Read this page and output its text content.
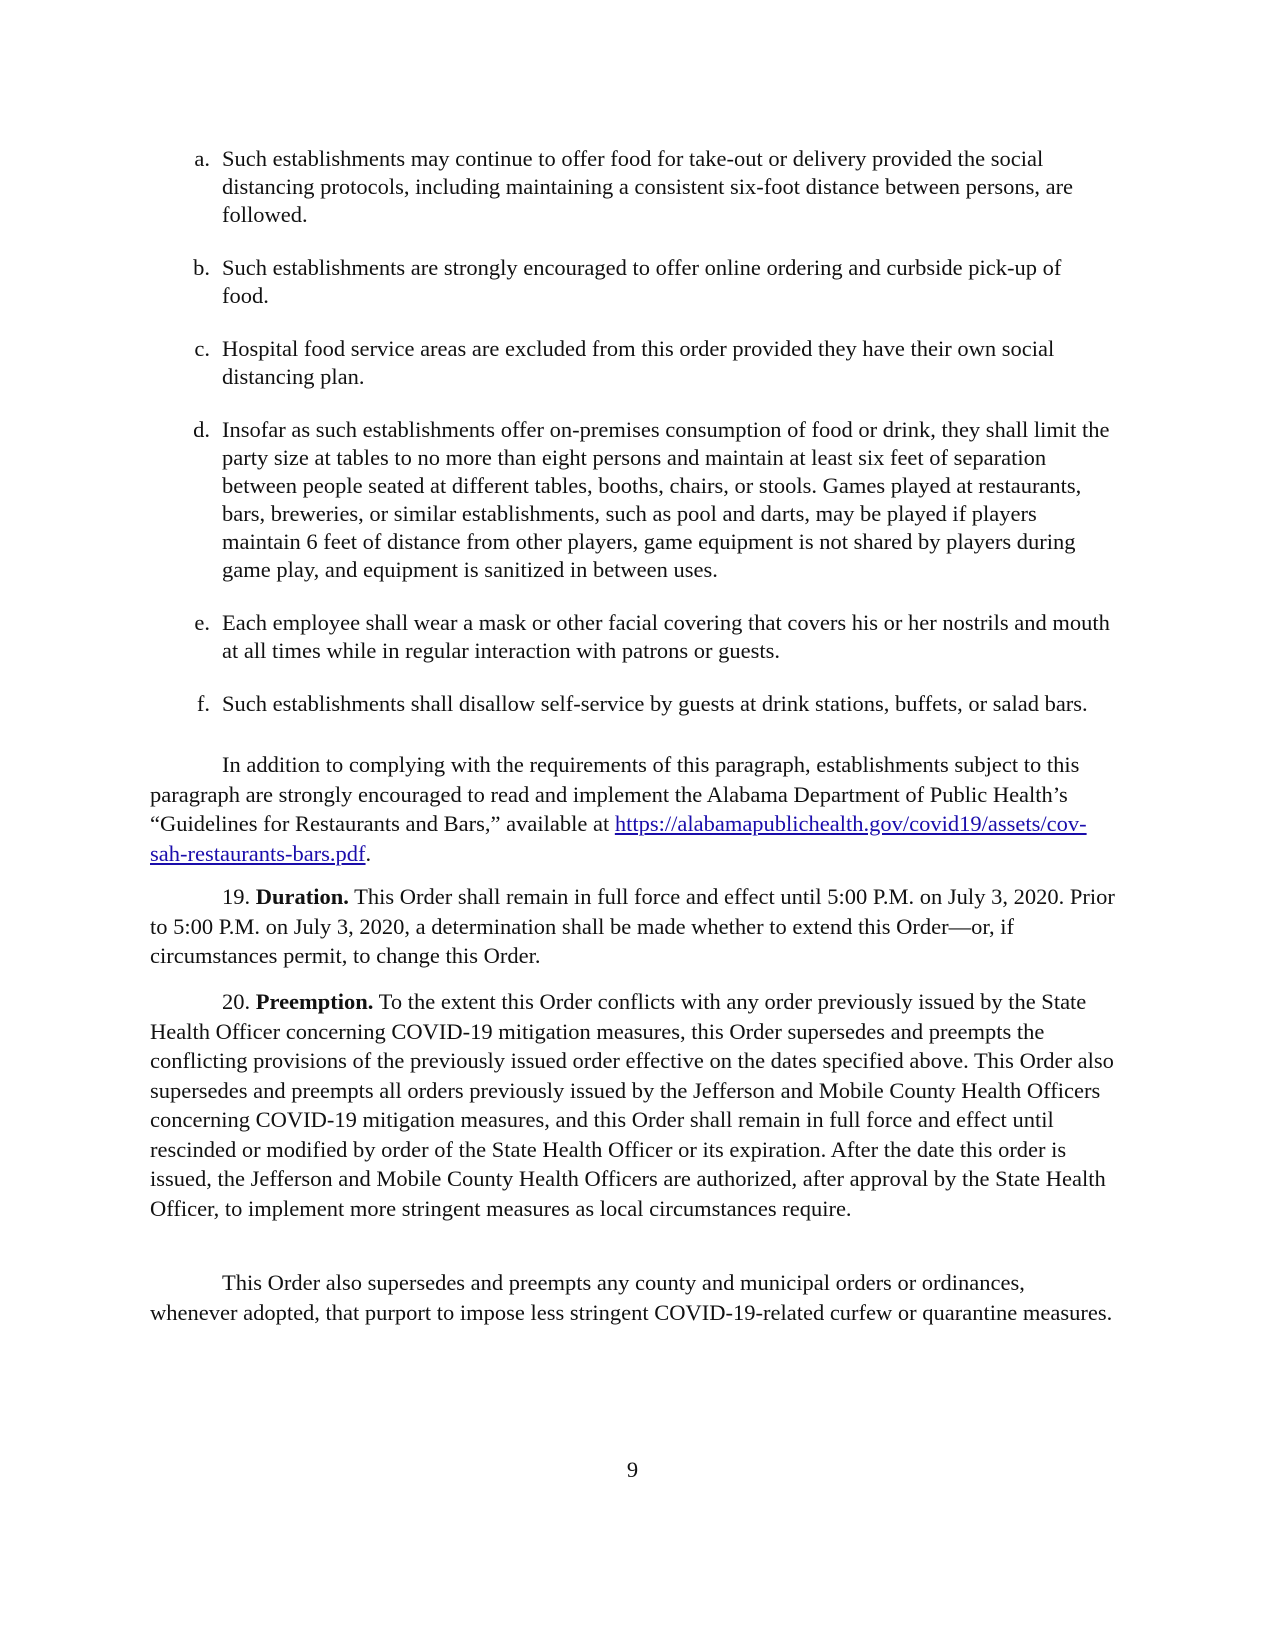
a. Such establishments may continue to offer food for take-out or delivery provided the social distancing protocols, including maintaining a consistent six-foot distance between persons, are followed.
b. Such establishments are strongly encouraged to offer online ordering and curbside pick-up of food.
c. Hospital food service areas are excluded from this order provided they have their own social distancing plan.
d. Insofar as such establishments offer on-premises consumption of food or drink, they shall limit the party size at tables to no more than eight persons and maintain at least six feet of separation between people seated at different tables, booths, chairs, or stools. Games played at restaurants, bars, breweries, or similar establishments, such as pool and darts, may be played if players maintain 6 feet of distance from other players, game equipment is not shared by players during game play, and equipment is sanitized in between uses.
e. Each employee shall wear a mask or other facial covering that covers his or her nostrils and mouth at all times while in regular interaction with patrons or guests.
f. Such establishments shall disallow self-service by guests at drink stations, buffets, or salad bars.

In addition to complying with the requirements of this paragraph, establishments subject to this paragraph are strongly encouraged to read and implement the Alabama Department of Public Health’s “Guidelines for Restaurants and Bars,” available at https://alabamapublichealth.gov/covid19/assets/cov-sah-restaurants-bars.pdf.

19. Duration. This Order shall remain in full force and effect until 5:00 P.M. on July 3, 2020. Prior to 5:00 P.M. on July 3, 2020, a determination shall be made whether to extend this Order—or, if circumstances permit, to change this Order.

20. Preemption. To the extent this Order conflicts with any order previously issued by the State Health Officer concerning COVID-19 mitigation measures, this Order supersedes and preempts the conflicting provisions of the previously issued order effective on the dates specified above. This Order also supersedes and preempts all orders previously issued by the Jefferson and Mobile County Health Officers concerning COVID-19 mitigation measures, and this Order shall remain in full force and effect until rescinded or modified by order of the State Health Officer or its expiration. After the date this order is issued, the Jefferson and Mobile County Health Officers are authorized, after approval by the State Health Officer, to implement more stringent measures as local circumstances require.

This Order also supersedes and preempts any county and municipal orders or ordinances, whenever adopted, that purport to impose less stringent COVID-19-related curfew or quarantine measures.

9
